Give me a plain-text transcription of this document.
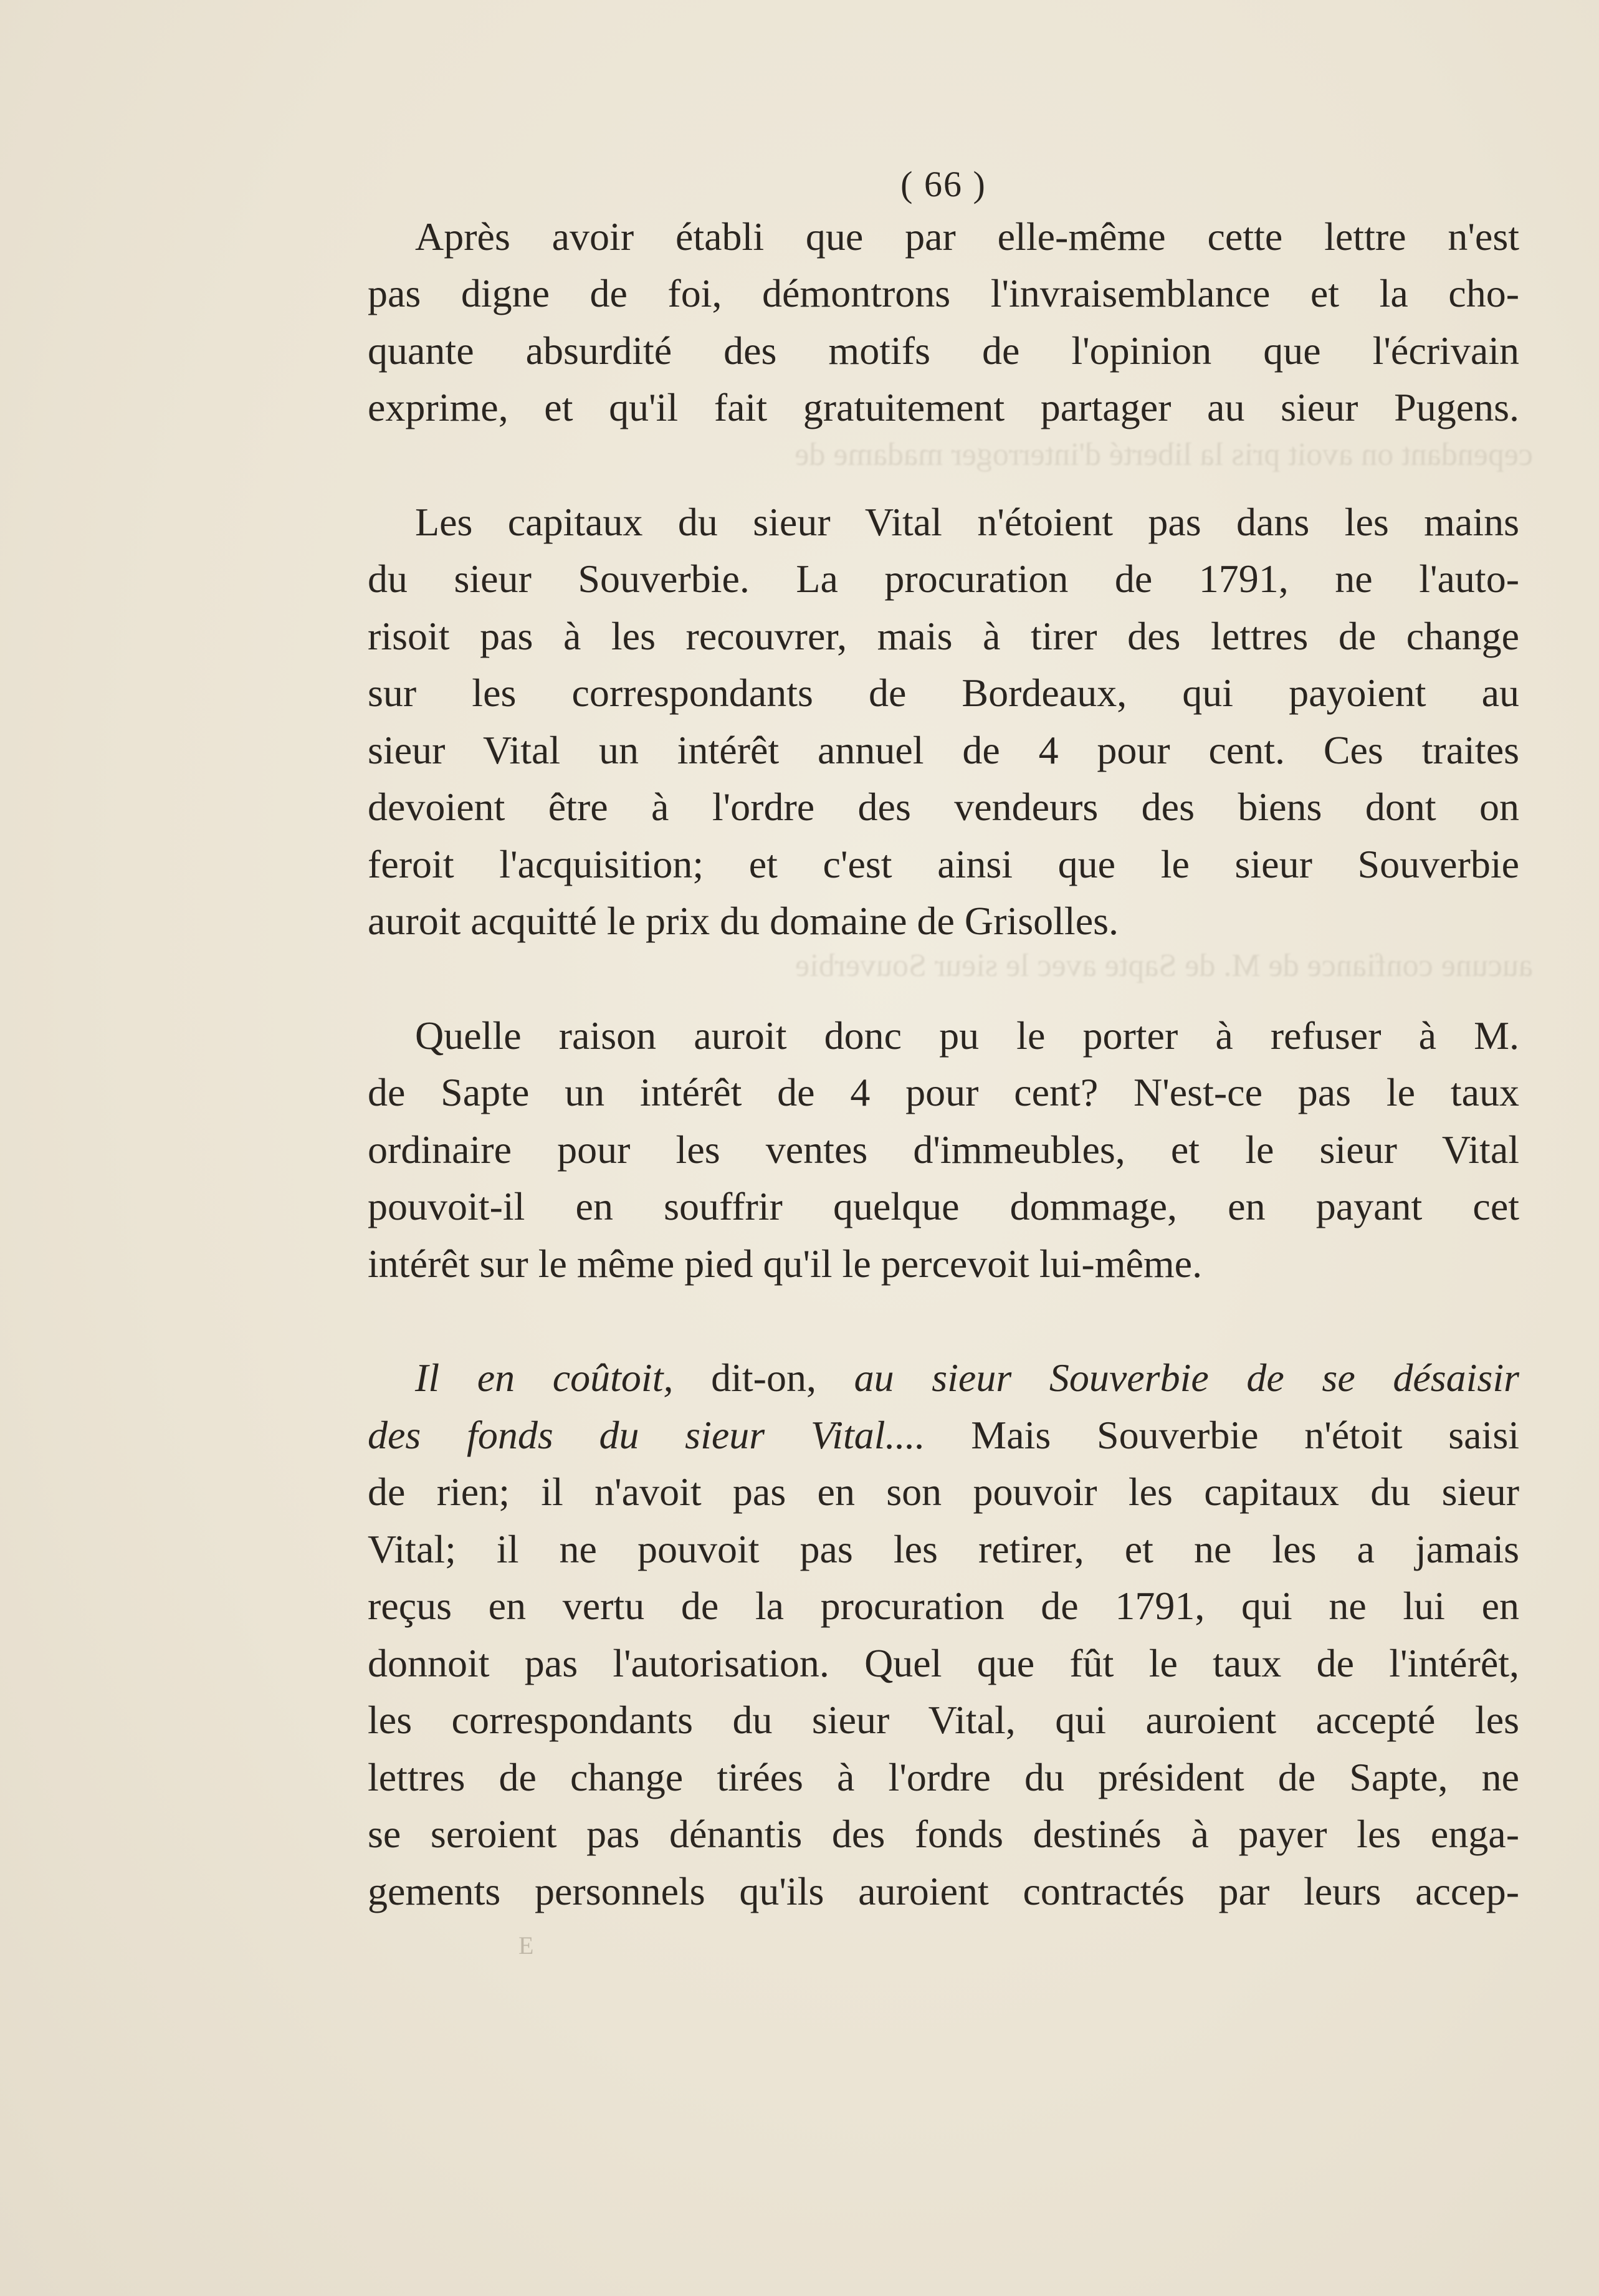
cependant on avoit pris la liberté d'interroger madame de
aucune confiance de M. de Sapte avec le sieur Souverbie
( 66 )
Après avoir établi que par elle-même cette lettre n'est
pas digne de foi, démontrons l'invraisemblance et la cho-
quante absurdité des motifs de l'opinion que l'écrivain
exprime, et qu'il fait gratuitement partager au sieur Pugens.
Les capitaux du sieur Vital n'étoient pas dans les mains
du sieur Souverbie. La procuration de 1791, ne l'auto-
risoit pas à les recouvrer, mais à tirer des lettres de change
sur les correspondants de Bordeaux, qui payoient au
sieur Vital un intérêt annuel de 4 pour cent. Ces traites
devoient être à l'ordre des vendeurs des biens dont on
feroit l'acquisition; et c'est ainsi que le sieur Souverbie
auroit acquitté le prix du domaine de Grisolles.
Quelle raison auroit donc pu le porter à refuser à M.
de Sapte un intérêt de 4 pour cent? N'est-ce pas le taux
ordinaire pour les ventes d'immeubles, et le sieur Vital
pouvoit-il en souffrir quelque dommage, en payant cet
intérêt sur le même pied qu'il le percevoit lui-même.
Il en coûtoit, dit-on, au sieur Souverbie de se désaisir
des fonds du sieur Vital.... Mais Souverbie n'étoit saisi
de rien; il n'avoit pas en son pouvoir les capitaux du sieur
Vital; il ne pouvoit pas les retirer, et ne les a jamais
reçus en vertu de la procuration de 1791, qui ne lui en
donnoit pas l'autorisation. Quel que fût le taux de l'intérêt,
les correspondants du sieur Vital, qui auroient accepté les
lettres de change tirées à l'ordre du président de Sapte, ne
se seroient pas dénantis des fonds destinés à payer les enga-
gements personnels qu'ils auroient contractés par leurs accep-
E
